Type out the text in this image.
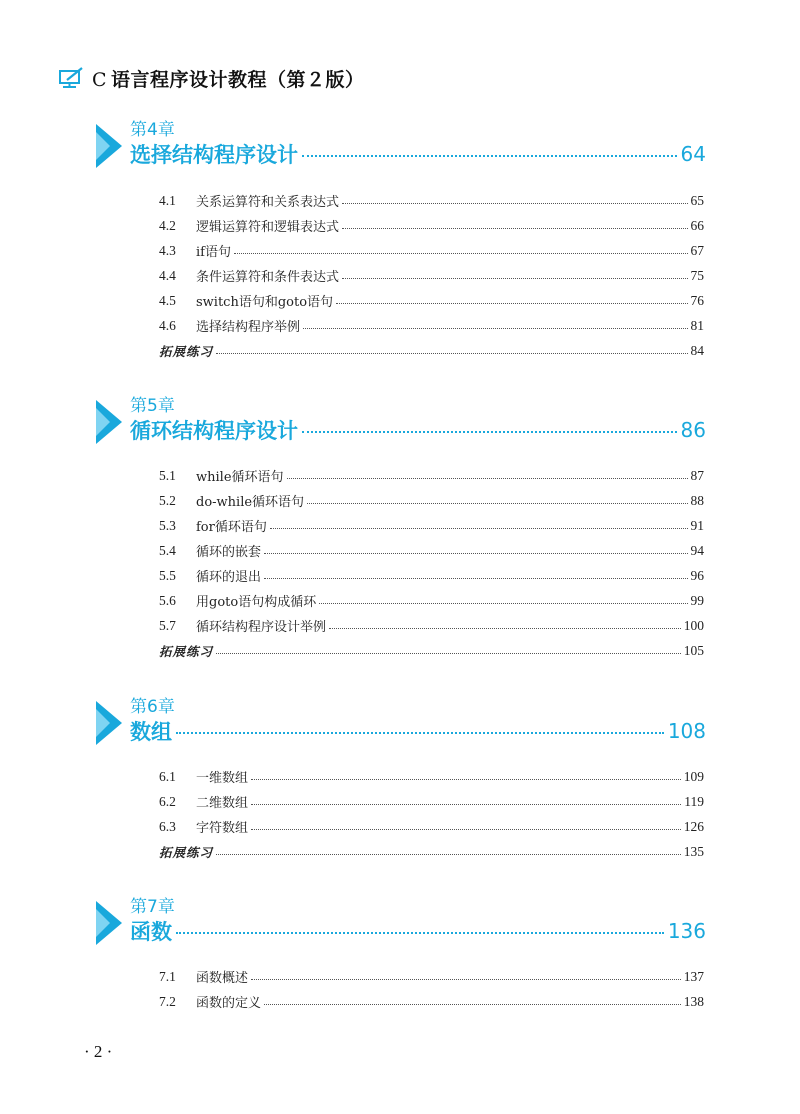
C 语言程序设计教程（第２版）
第4章
选择结构程序设计	64
4.1	关系运算符和关系表达式	65
4.2	逻辑运算符和逻辑表达式	66
4.3	if语句	67
4.4	条件运算符和条件表达式	75
4.5	switch语句和goto语句	76
4.6	选择结构程序举例	81
拓展练习	84
第5章
循环结构程序设计	86
5.1	while循环语句	87
5.2	do-while循环语句	88
5.3	for循环语句	91
5.4	循环的嵌套	94
5.5	循环的退出	96
5.6	用goto语句构成循环	99
5.7	循环结构程序设计举例	100
拓展练习	105
第6章
数组	108
6.1	一维数组	109
6.2	二维数组	119
6.3	字符数组	126
拓展练习	135
第7章
函数	136
7.1	函数概述	137
7.2	函数的定义	138
· 2 ·
